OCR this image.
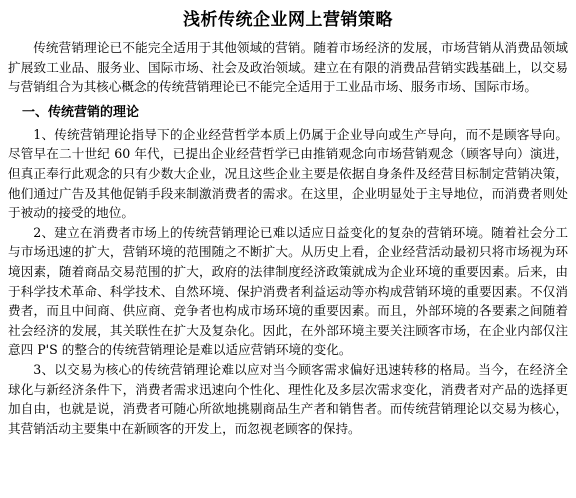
浅析传统企业网上营销策略

传统营销理论已不能完全适用于其他领域的营销。随着市场经济的发展，市场营销从消费品领域扩展致工业品、服务业、国际市场、社会及政治领域。建立在有限的消费品营销实践基础上，以交易与营销组合为其核心概念的传统营销理论已不能完全适用于工业品市场、服务市场、国际市场。

一、传统营销的理论

1、传统营销理论指导下的企业经营哲学本质上仍属于企业导向或生产导向，而不是顾客导向。尽管早在二十世纪 60 年代，已提出企业经营哲学已由推销观念向市场营销观念（顾客导向）演进，但真正奉行此观念的只有少数大企业，况且这些企业主要是依据自身条件及经营目标制定营销决策，他们通过广告及其他促销手段来制激消费者的需求。在这里，企业明显处于主导地位，而消费者则处于被动的接受的地位。

2、建立在消费者市场上的传统营销理论已难以适应日益变化的复杂的营销环境。随着社会分工与市场迅速的扩大，营销环境的范围随之不断扩大。从历史上看，企业经营活动最初只将市场视为环境因素，随着商品交易范围的扩大，政府的法律制度经济政策就成为企业环境的重要因素。后来，由于科学技术革命、科学技术、自然环境、保护消费者利益运动等亦构成营销环境的重要因素。不仅消费者，而且中间商、供应商、竞争者也构成市场环境的重要因素。而且，外部环境的各要素之间随着社会经济的发展，其关联性在扩大及复杂化。因此，在外部环境主要关注顾客市场，在企业内部仅注意四 P'S 的整合的传统营销理论是难以适应营销环境的变化。

3、以交易为核心的传统营销理论难以应对当今顾客需求偏好迅速转移的格局。当今，在经济全球化与新经济条件下，消费者需求迅速向个性化、理性化及多层次需求变化，消费者对产品的选择更加自由，也就是说，消费者可随心所欲地挑剔商品生产者和销售者。而传统营销理论以交易为核心，其营销活动主要集中在新顾客的开发上，而忽视老顾客的保持。
